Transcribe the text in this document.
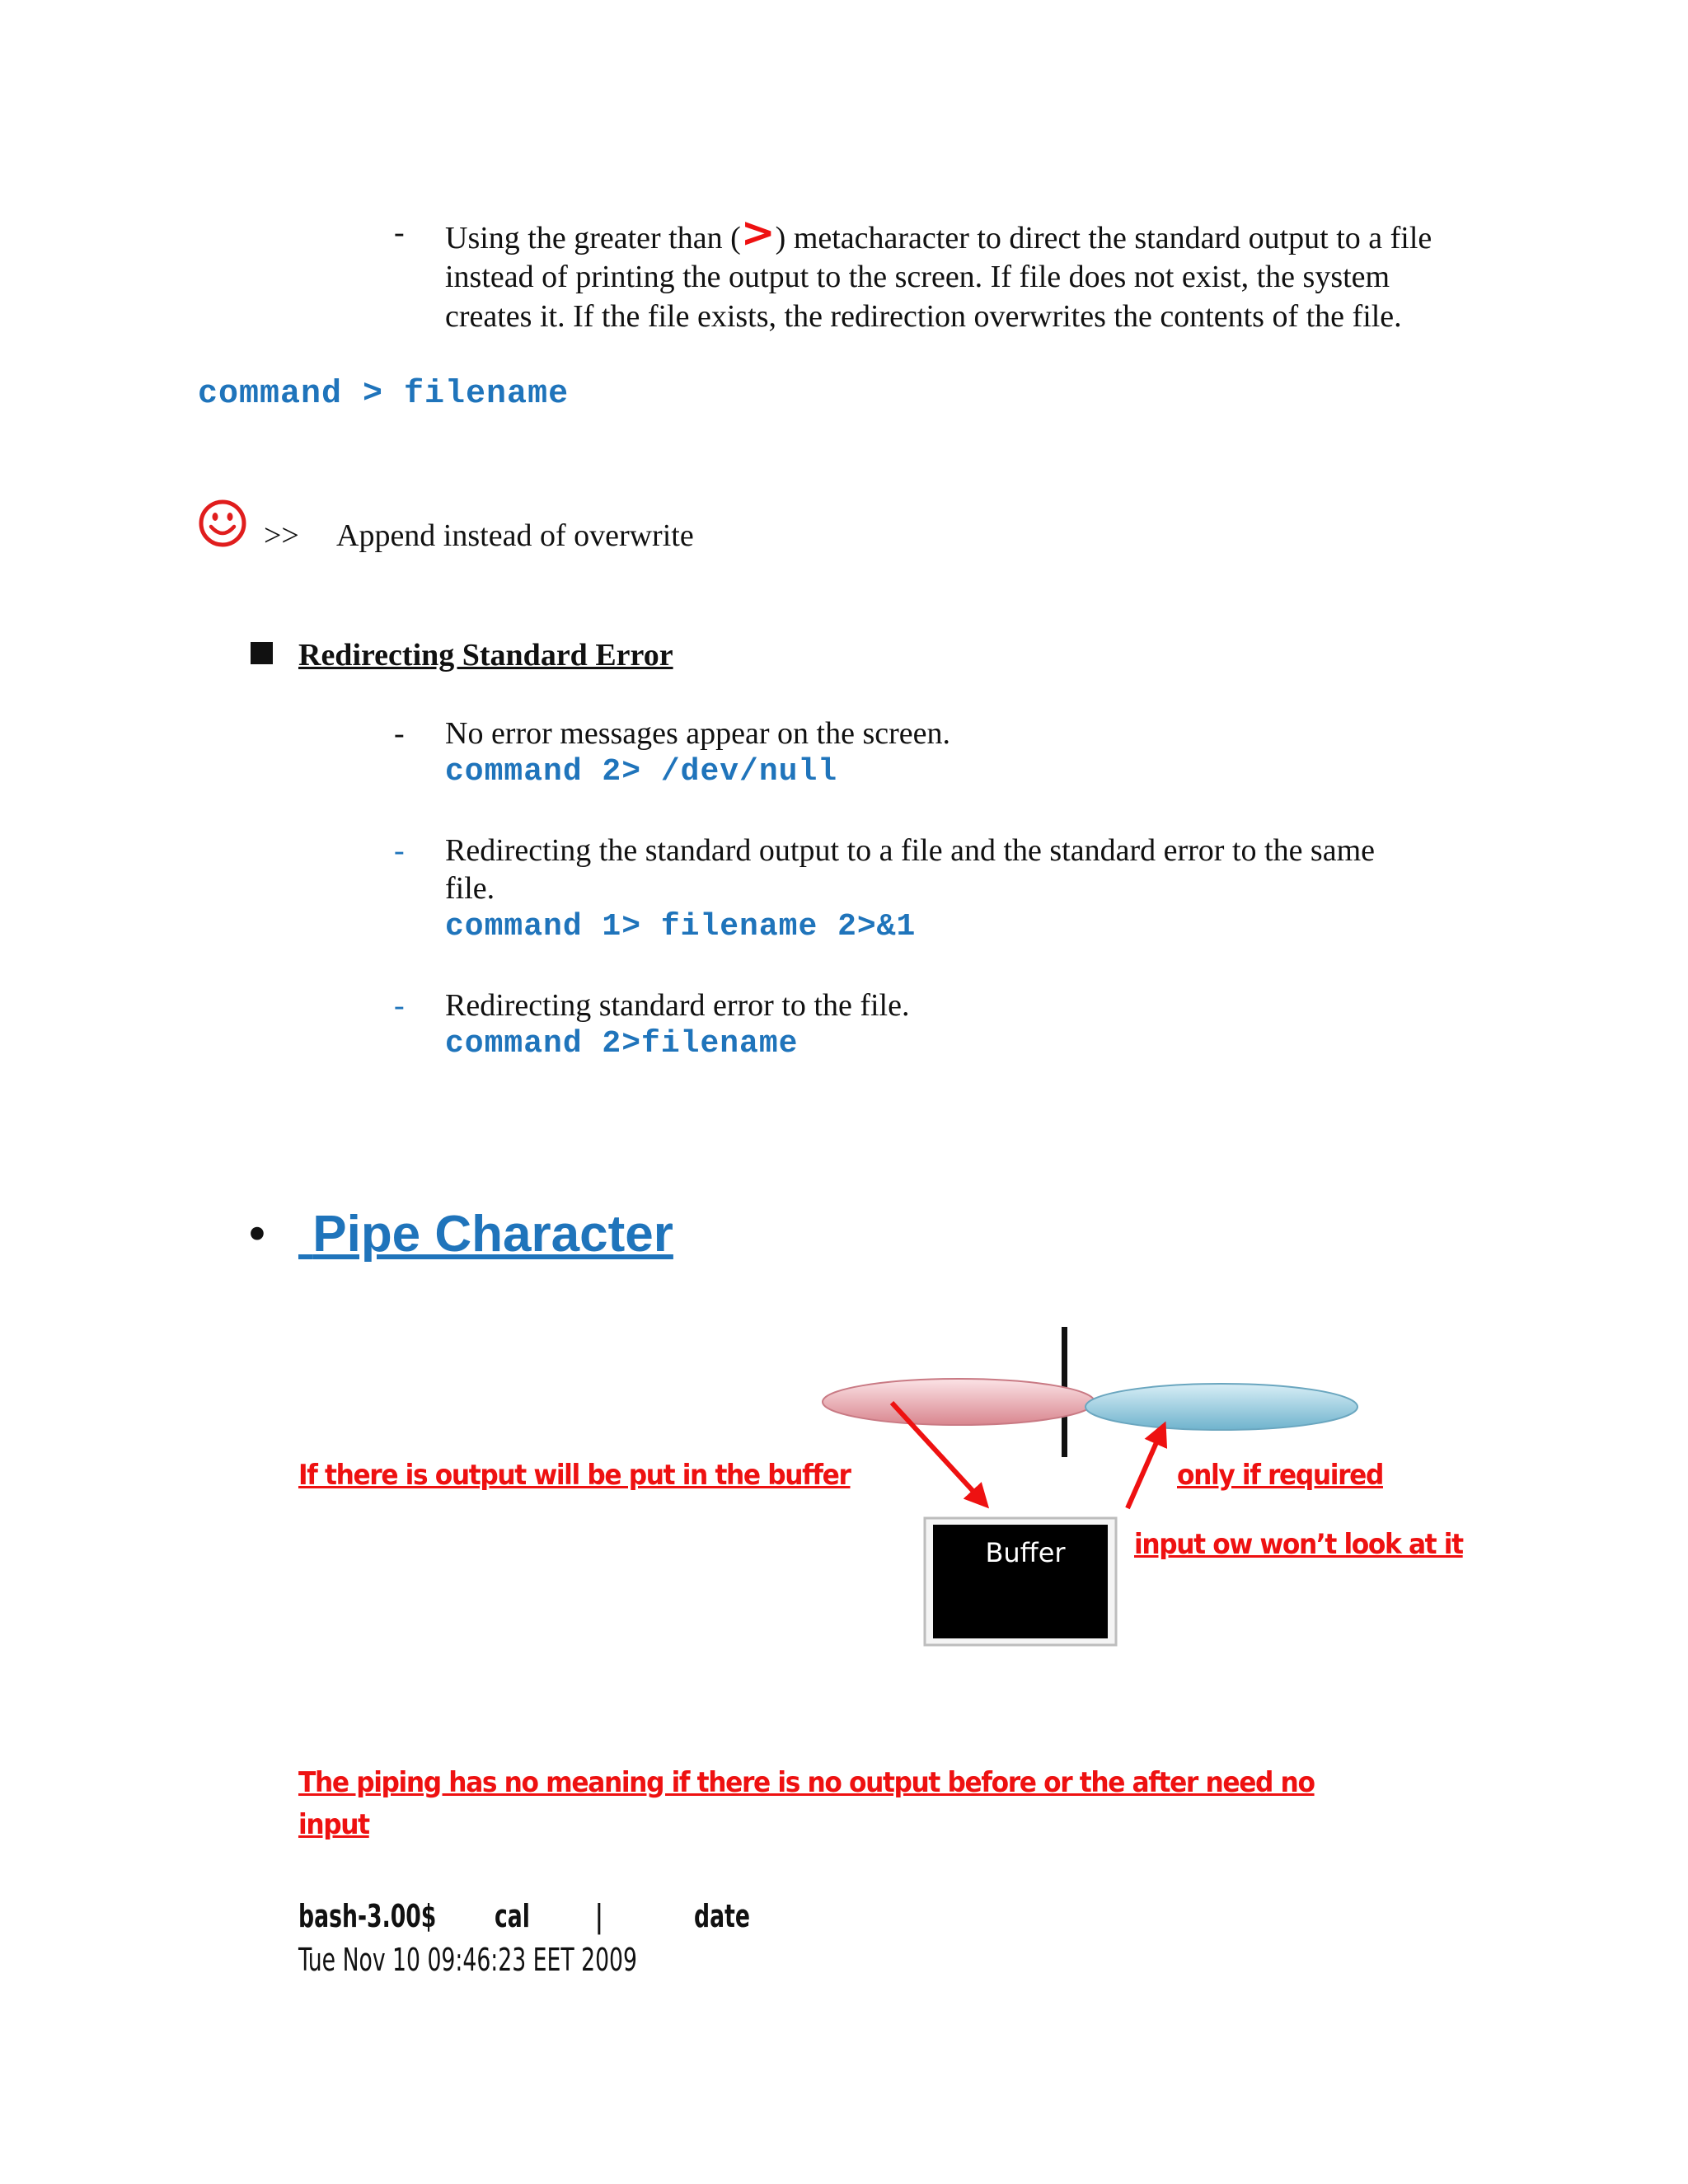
- Using the greater than (>) metacharacter to direct the standard output to a file
instead of printing the output to the screen. If file does not exist, the system
creates it. If the file exists, the redirection overwrites the contents of the file.
command > filename
>> Append instead of overwrite
Redirecting Standard Error
- No error messages appear on the screen.
command 2> /dev/null
- Redirecting the standard output to a file and the standard error to the same
file.
command 1> filename 2>&1
- Redirecting standard error to the file.
command 2>filename
• Pipe Character
Buffer
If there is output will be put in the buffer	only if required
input ow won’t look at it
The piping has no meaning if there is no output before or the after need no
input
bash-3.00$ cal |	date
Tue Nov 10 09:46:23 EET 2009
